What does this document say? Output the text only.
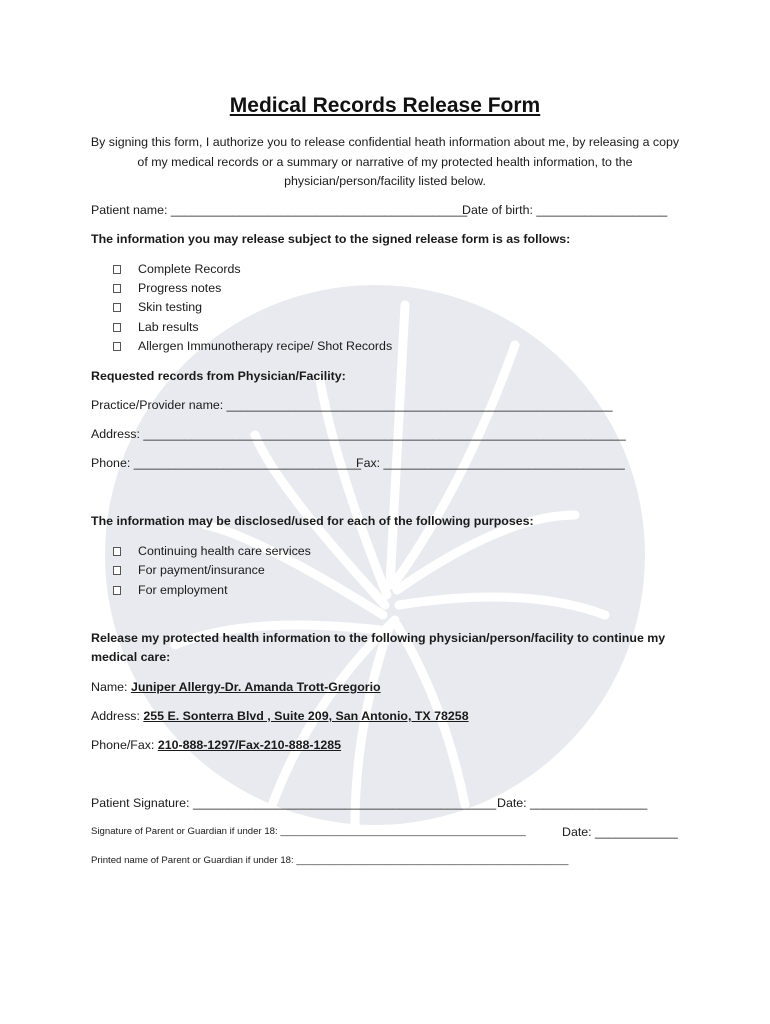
Medical Records Release Form
By signing this form, I authorize you to release confidential heath information about me, by releasing a copy of my medical records or a summary or narrative of my protected health information, to the physician/person/facility listed below.
Patient name: ___________________________________________
Date of birth: ___________________
The information you may release subject to the signed release form is as follows:
Complete Records
Progress notes
Skin testing
Lab results
Allergen Immunotherapy recipe/ Shot Records
Requested records from Physician/Facility:
Practice/Provider name: ________________________________________________________
Address: ______________________________________________________________________
Phone: _________________________________
Fax: ___________________________________
The information may be disclosed/used for each of the following purposes:
Continuing health care services
For payment/insurance
For employment
Release my protected health information to the following physician/person/facility to continue my
medical care:
Name: Juniper Allergy-Dr. Amanda Trott-Gregorio
Address: 255 E. Sonterra Blvd , Suite 209, San Antonio, TX 78258
Phone/Fax: 210-888-1297/Fax-210-888-1285
Patient Signature: ____________________________________________ Date: _________________
Signature of Parent or Guardian if under 18: ______________________________________________	Date: ____________
Printed name of Parent or Guardian if under 18: ___________________________________________________
